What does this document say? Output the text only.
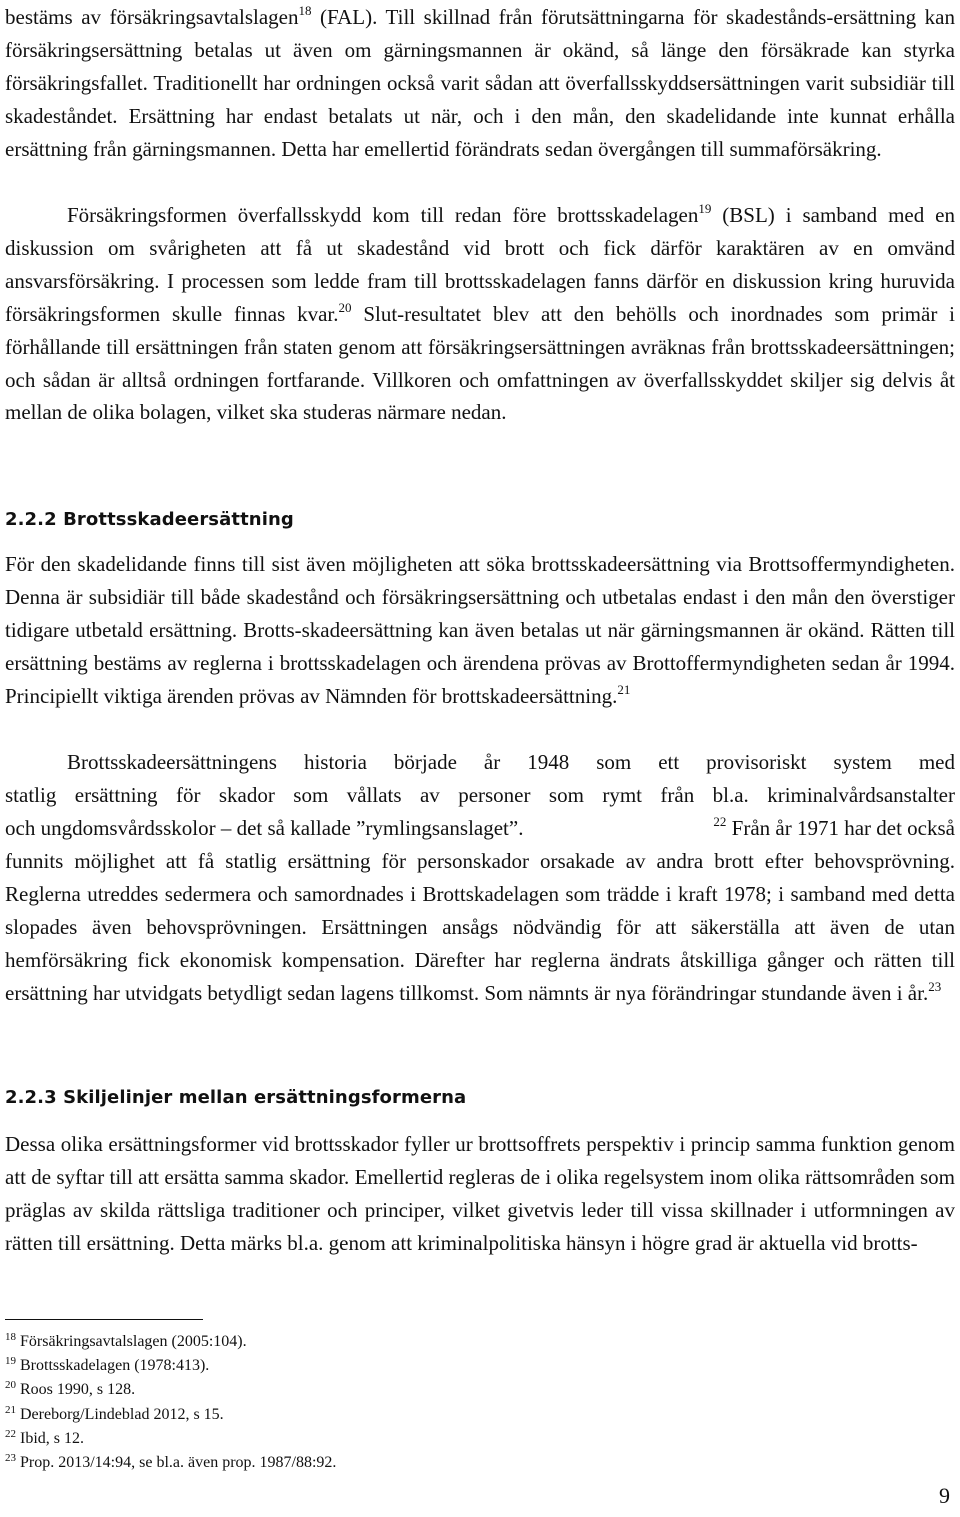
bestäms av försäkringsavtalslagen$^{18}$ (FAL). Till skillnad från förutsättningarna för skadestånds-ersättning kan försäkringsersättning betalas ut även om gärningsmannen är okänd, så länge den försäkrade kan styrka försäkringsfallet. Traditionellt har ordningen också varit sådan att överfallsskyddsersättningen varit subsidiär till skadeståndet. Ersättning har endast betalats ut när, och i den mån, den skadelidande inte kunnat erhålla ersättning från gärningsmannen. Detta har emellertid förändrats sedan övergången till summaförsäkring.

Försäkringsformen överfallsskydd kom till redan före brottsskadelagen$^{19}$ (BSL) i samband med en diskussion om svårigheten att få ut skadestånd vid brott och fick därför karaktären av en omvänd ansvarsförsäkring. I processen som ledde fram till brottsskadelagen fanns därför en diskussion kring huruvida försäkringsformen skulle finnas kvar.$^{20}$ Slut-resultatet blev att den behölls och inordnades som primär i förhållande till ersättningen från staten genom att försäkringsersättningen avräknas från brottsskadeersättningen; och sådan är alltså ordningen fortfarande. Villkoren och omfattningen av överfallsskyddet skiljer sig delvis åt mellan de olika bolagen, vilket ska studeras närmare nedan.

2.2.2 Brottsskadeersättning

För den skadelidande finns till sist även möjligheten att söka brottsskadeersättning via Brottsoffermyndigheten. Denna är subsidiär till både skadestånd och försäkringsersättning och utbetalas endast i den mån den överstiger tidigare utbetald ersättning. Brotts-skadeersättning kan även betalas ut när gärningsmannen är okänd. Rätten till ersättning bestäms av reglerna i brottsskadelagen och ärendena prövas av Brottoffermyndigheten sedan år 1994. Principiellt viktiga ärenden prövas av Nämnden för brottskadeersättning.$^{21}$

Brottsskadeersättningens historia började år 1948 som ett provisoriskt system med
statlig ersättning för skador som vållats av personer som rymt från bl.a. kriminalvårdsanstalter
och ungdomsvårdsskolor – det så kallade ”rymlingsanslaget”.	$^{22}$ Från år 1971 har det också

funnits möjlighet att få statlig ersättning för personskador orsakade av andra brott efter behovsprövning. Reglerna utreddes sedermera och samordnades i Brottskadelagen som trädde i kraft 1978; i samband med detta slopades även behovsprövningen. Ersättningen ansågs nödvändig för att säkerställa att även de utan hemförsäkring fick ekonomisk kompensation. Därefter har reglerna ändrats åtskilliga gånger och rätten till ersättning har utvidgats betydligt sedan lagens tillkomst. Som nämnts är nya förändringar stundande även i år.$^{23}$

2.2.3 Skiljelinjer mellan ersättningsformerna

Dessa olika ersättningsformer vid brottsskador fyller ur brottsoffrets perspektiv i princip samma funktion genom att de syftar till att ersätta samma skador. Emellertid regleras de i olika regelsystem inom olika rättsområden som präglas av skilda rättsliga traditioner och principer, vilket givetvis leder till vissa skillnader i utformningen av rätten till ersättning. Detta märks bl.a. genom att kriminalpolitiska hänsyn i högre grad är aktuella vid brotts-

$^{18}$ Försäkringsavtalslagen (2005:104).
$^{19}$ Brottsskadelagen (1978:413).
$^{20}$ Roos 1990, s 128.
$^{21}$ Dereborg/Lindeblad 2012, s 15.
$^{22}$ Ibid, s 12.
$^{23}$ Prop. 2013/14:94, se bl.a. även prop. 1987/88:92.
9
